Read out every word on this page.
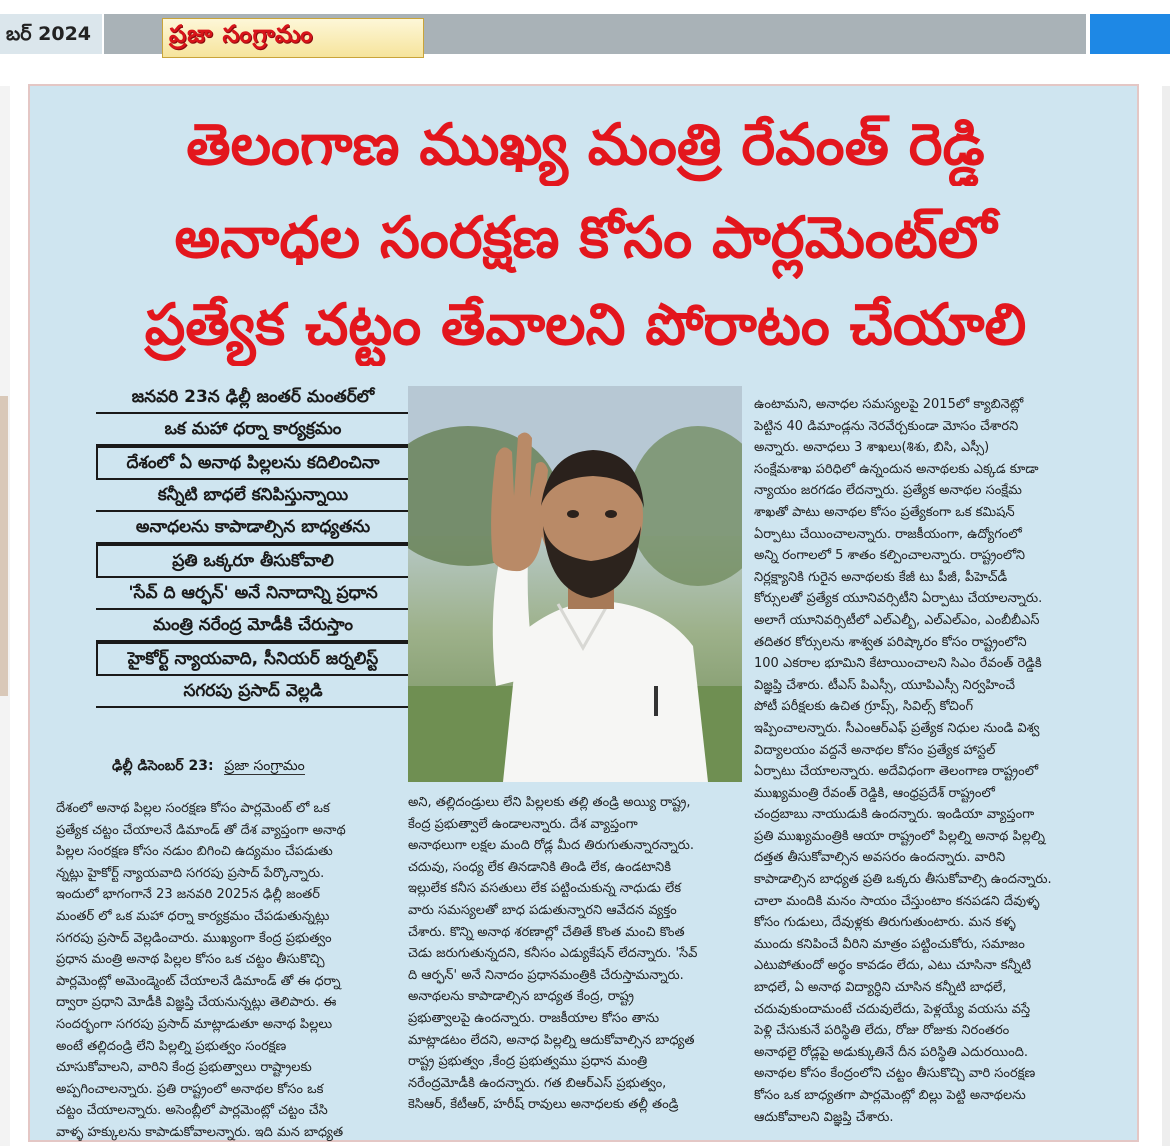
బర్ 2024	ప్రజా సంగ్రామం
తెలంగాణ ముఖ్య మంత్రి రేవంత్ రెడ్డి
అనాధల సంరక్షణ కోసం పార్లమెంట్‌లో
ప్రత్యేక చట్టం తేవాలని పోరాటం చేయాలి
జనవరి 23న ఢిల్లీ జంతర్ మంతర్‌లో
ఒక మహా ధర్నా కార్యక్రమం
దేశంలో ఏ అనాథ పిల్లలను కదిలించినా
కన్నీటి బాధలే కనిపిస్తున్నాయి
అనాధలను కాపాడాల్సిన బాధ్యతను
ప్రతి ఒక్కరూ తీసుకోవాలి
'సేవ్ ది ఆర్ఫన్' అనే నినాదాన్ని ప్రధాన
మంత్రి నరేంద్ర మోడీకి చేరుస్తాం
హైకోర్ట్ న్యాయవాది, సీనియర్ జర్నలిస్ట్
సగరపు ప్రసాద్ వెల్లడి
ఢిల్లీ డిసెంబర్ 23: ప్రజా సంగ్రామం
దేశంలో అనాథ పిల్లల సంరక్షణ కోసం పార్లమెంట్ లో ఒక
ప్రత్యేక చట్టం చేయాలనే డిమాండ్ తో దేశ వ్యాప్తంగా అనాథ
పిల్లల సంరక్షణ కోసం నడుం బిగించి ఉద్యమం చేపడుతు
న్నట్లు హైకోర్ట్ న్యాయవాది సగరపు ప్రసాద్ పేర్కొన్నారు.
ఇందులో భాగంగానే 23 జనవరి 2025న ఢిల్లీ జంతర్
మంతర్ లో ఒక మహా ధర్నా కార్యక్రమం చేపడుతున్నట్లు
సగరపు ప్రసాద్ వెల్లడించారు. ముఖ్యంగా కేంద్ర ప్రభుత్వం
ప్రధాన మంత్రి అనాథ పిల్లల కోసం ఒక చట్టం తీసుకొచ్చి
పార్లమెంట్లో అమెండ్మెంట్ చేయాలనే డిమాండ్ తో ఈ ధర్నా
ద్వారా ప్రధాని మోడీకి విజ్ఞప్తి చేయనున్నట్లు తెలిపారు. ఈ
సందర్భంగా సగరపు ప్రసాద్ మాట్లాడుతూ అనాథ పిల్లలు
అంటే తల్లిదండ్రి లేని పిల్లల్ని ప్రభుత్వం సంరక్షణ
చూసుకోవాలని, వారిని కేంద్ర ప్రభుత్వాలు రాష్ట్రాలకు
అప్పగించాలన్నారు. ప్రతి రాష్ట్రంలో అనాథల కోసం ఒక
చట్టం చేయాలన్నారు. అసెంబ్లీలో పార్లమెంట్లో చట్టం చేసి
వాళ్ళ హక్కులను కాపాడుకోవాలన్నారు. ఇది మన బాధ్యత
అని, తల్లిదండ్రులు లేని పిల్లలకు తల్లి తండ్రి అయ్యి రాష్ట్ర,
కేంద్ర ప్రభుత్వాలే ఉండాలన్నారు. దేశ వ్యాప్తంగా
అనాథలుగా లక్షల మంది రోడ్ల మీద తిరుగుతున్నారన్నారు.
చదువు, సంధ్య లేక తినడానికి తిండి లేక, ఉండటానికి
ఇల్లులేక కనీస వసతులు లేక పట్టించుకున్న నాధుడు లేక
వారు సమస్యలతో బాధ పడుతున్నారని ఆవేదన వ్యక్తం
చేశారు. కొన్ని అనాథ శరణాల్లో చేతితే కొంత మంచి కొంత
చెడు జరుగుతున్నదని, కనీసం ఎడ్యుకేషన్ లేదన్నారు. 'సేవ్
ది ఆర్ఫన్' అనే నినాదం ప్రధానమంత్రికి చేరుస్తామన్నారు.
అనాథలను కాపాడాల్సిన బాధ్యత కేంద్ర, రాష్ట్ర
ప్రభుత్వాలపై ఉందన్నారు. రాజకీయాల కోసం తాను
మాట్లాడటం లేదని, అనాధ పిల్లల్ని ఆదుకోవాల్సిన బాధ్యత
రాష్ట్ర ప్రభుత్వం ,కేంద్ర ప్రభుత్వము ప్రధాన మంత్రి
నరేంద్రమోడీకి ఉందన్నారు. గత బిఆర్ఎస్ ప్రభుత్వం,
కెసిఆర్, కేటీఆర్, హరీష్ రావులు అనాధలకు తల్లీ తండ్రి
ఉంటామని, అనాధల సమస్యలపై 2015లో క్యాబినెట్లో
పెట్టిన 40 డిమాండ్లను నెరవేర్చకుండా మోసం చేశారని
అన్నారు. అనాధలు 3 శాఖలు(శిశు, బిసి, ఎస్సీ)
సంక్షేమశాఖ పరిధిలో ఉన్నందున అనాథలకు ఎక్కడ కూడా
న్యాయం జరగడం లేదన్నారు. ప్రత్యేక అనాథల సంక్షేమ
శాఖతో పాటు అనాథల కోసం ప్రత్యేకంగా ఒక కమిషన్
ఏర్పాటు చేయించాలన్నారు. రాజకీయంగా, ఉద్యోగంలో
అన్ని రంగాలలో 5 శాతం కల్పించాలన్నారు. రాష్ట్రంలోని
నిర్లక్ష్యానికి గురైన అనాథలకు కేజీ టు పీజీ, పీహెచ్‌డీ
కోర్సులతో ప్రత్యేక యూనివర్సిటీని ఏర్పాటు చేయాలన్నారు.
అలాగే యూనివర్సిటీలో ఎల్ఎల్బీ, ఎల్ఎల్ఎం, ఎంబీబీఎస్
తదితర కోర్సులను శాశ్వత పరిష్కారం కోసం రాష్ట్రంలోని
100 ఎకరాల భూమిని కేటాయించాలని సిఎం రేవంత్ రెడ్డికి
విజ్ఞప్తి చేశారు. టీఎస్ పిఎస్సీ, యూపిఎస్సీ నిర్వహించే
పోటీ పరీక్షలకు ఉచిత గ్రూప్స్, సివిల్స్ కోచింగ్
ఇప్పించాలన్నారు. సీఎంఆర్ఎఫ్ ప్రత్యేక నిధుల నుండి విశ్వ
విద్యాలయం వద్దనే అనాథల కోసం ప్రత్యేక హాస్టల్
ఏర్పాటు చేయాలన్నారు. అదేవిధంగా తెలంగాణ రాష్ట్రంలో
ముఖ్యమంత్రి రేవంత్ రెడ్డికి, ఆంధ్రప్రదేశ్ రాష్ట్రంలో
చంద్రబాబు నాయుడుకి ఉందన్నారు. ఇండియా వ్యాప్తంగా
ప్రతి ముఖ్యమంత్రికి ఆయా రాష్ట్రంలో పిల్లల్ని అనాథ పిల్లల్ని
దత్తత తీసుకోవాల్సిన అవసరం ఉందన్నారు. వారిని
కాపాడాల్సిన బాధ్యత ప్రతి ఒక్కరు తీసుకోవాల్సి ఉందన్నారు.
చాలా మందికి మనం సాయం చేస్తుంటాం కనపడని దేవుళ్ళ
కోసం గుడులు, దేవుళ్లకు తిరుగుతుంటారు. మన కళ్ళ
ముందు కనిపించే వీరిని మాత్రం పట్టించుకోరు, సమాజం
ఎటుపోతుందో అర్థం కావడం లేదు, ఎటు చూసినా కన్నీటి
బాధలే, ఏ అనాథ విద్యార్ధిని చూసిన కన్నీటి బాధలే,
చదువుకుందామంటే చదువులేదు, పెళ్లయ్యే వయసు వస్తే
పెళ్లి చేసుకునే పరిస్థితి లేదు, రోజు రోజుకు నిరంతరం
అనాథలై రోడ్లపై అడుక్కుతినే దీన పరిస్థితి ఎదురయింది.
అనాథల కోసం కేంద్రంలోని చట్టం తీసుకొచ్చి వారి సంరక్షణ
కోసం ఒక బాధ్యతగా పార్లమెంట్లో బిల్లు పెట్టి అనాథలను
ఆదుకోవాలని విజ్ఞప్తి చేశారు.
